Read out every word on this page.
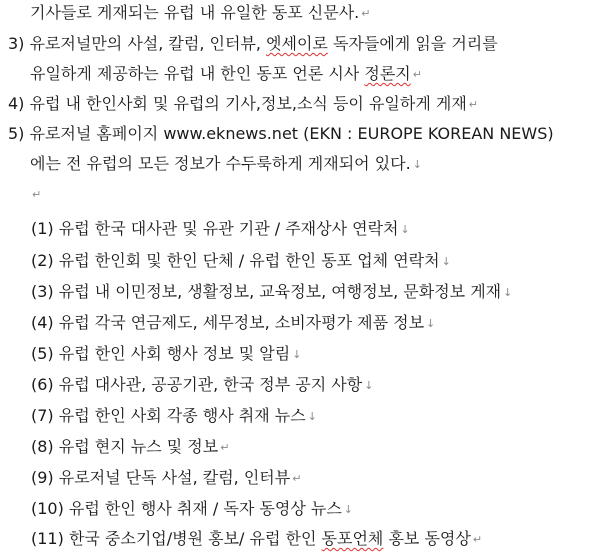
기사들로 게재되는 유럽 내 유일한 동포 신문사. ↵
3) 유로저널만의 사설, 칼럼, 인터뷰, 엣세이로 독자들에게 읽을 거리를
유일하게 제공하는 유럽 내 한인 동포 언론 시사 정론지 ↵
4) 유럽 내 한인사회 및 유럽의 기사,정보,소식 등이 유일하게 게재 ↵
5) 유로저널 홈페이지 www.eknews.net (EKN : EUROPE KOREAN NEWS)
에는 전 유럽의 모든 정보가 수두룩하게 게재되어 있다. ↓
↵
(1) 유럽 한국 대사관 및 유관 기관 / 주재상사 연락처 ↓
(2) 유럽 한인회 및 한인 단체 / 유럽 한인 동포 업체 연락처 ↓
(3) 유럽 내 이민정보, 생활정보, 교육정보, 여행정보, 문화정보 게재 ↓
(4) 유럽 각국 연금제도, 세무정보, 소비자평가 제품 정보 ↓
(5) 유럽 한인 사회 행사 정보 및 알림 ↓
(6) 유럽 대사관, 공공기관, 한국 정부 공지 사항 ↓
(7) 유럽 한인 사회 각종 행사 취재 뉴스 ↓
(8) 유럽 현지 뉴스 및 정보 ↵
(9) 유로저널 단독 사설, 칼럼, 인터뷰 ↵
(10) 유럽 한인 행사 취재 / 독자 동영상 뉴스 ↓
(11) 한국 중소기업/병원 홍보/ 유럽 한인 동포언체 홍보 동영상 ↵
